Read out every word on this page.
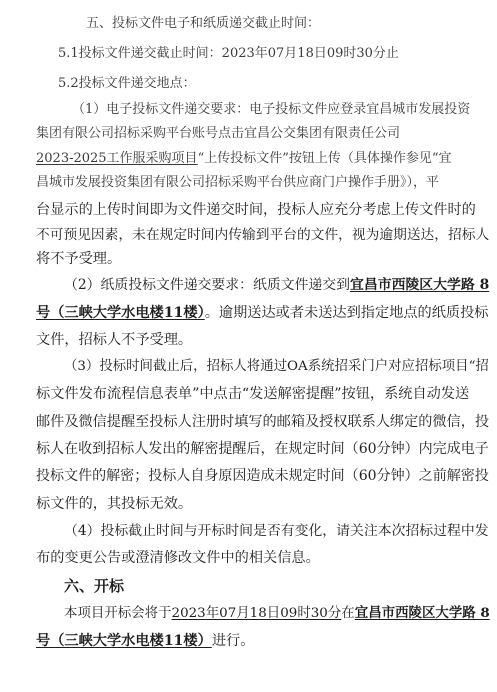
五、投标文件电子和纸质递交截止时间：
5.1投标文件递交截止时间：2023年07月18日09时30分止
5.2投标文件递交地点：
（1）电子投标文件递交要求：电子投标文件应登录宜昌城市发展投资
集团有限公司招标采购平台账号点击宜昌公交集团有限责任公司
2023-2025工作服采购项目“上传投标文件”按钮上传（具体操作参见“宜
昌城市发展投资集团有限公司招标采购平台供应商门户操作手册》），平
台显示的上传时间即为文件递交时间，投标人应充分考虑上传文件时的
不可预见因素，未在规定时间内传输到平台的文件，视为逾期送达，招标人
将不予受理。
（2）纸质投标文件递交要求：纸质文件递交到宜昌市西陵区大学路 8
号（三峡大学水电楼11楼）。逾期送达或者未送达到指定地点的纸质投标
文件，招标人不予受理。
（3）投标时间截止后，招标人将通过OA系统招采门户对应招标项目“招
标文件发布流程信息表单”中点击“发送解密提醒”按钮，系统自动发送
邮件及微信提醒至投标人注册时填写的邮箱及授权联系人绑定的微信，投
标人在收到招标人发出的解密提醒后，在规定时间（60分钟）内完成电子
投标文件的解密；投标人自身原因造成未规定时间（60分钟）之前解密投
标文件的，其投标无效。
（4）投标截止时间与开标时间是否有变化，请关注本次招标过程中发
布的变更公告或澄清修改文件中的相关信息。
六、开标
本项目开标会将于2023年07月18日09时30分在宜昌市西陵区大学路 8
号（三峡大学水电楼11楼）进行。
